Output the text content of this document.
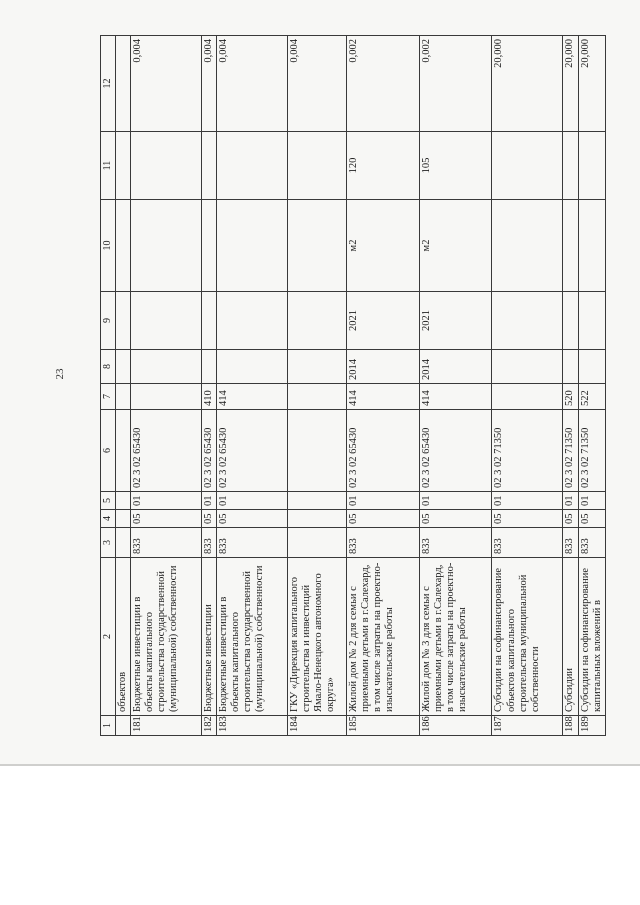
23
1	2	3	4	5	6	7	8	9	10	11	12
	объектов										
181	Бюджетные инвестиции в объекты капитального строительства государственной (муниципальной) собственности	833	05	01	02 3 02 65430						0,004
182	Бюджетные инвестиции	833	05	01	02 3 02 65430	410					0,004
183	Бюджетные инвестиции в объекты капитального строительства государственной (муниципальной) собственности	833	05	01	02 3 02 65430	414					0,004
184	ГКУ «Дирекция капитального строительства и инвестиций Ямало-Ненецкого автономного округа»										0,004
185	Жилой дом № 2 для семьи с приемными детьми в г.Салехард, в том числе затраты на проектно-изыскательские работы	833	05	01	02 3 02 65430	414	2014	2021	м2	120	0,002
186	Жилой дом № 3 для семьи с приемными детьми в г.Салехард, в том числе затраты на проектно-изыскательские работы	833	05	01	02 3 02 65430	414	2014	2021	м2	105	0,002
187	Субсидии на софинансирование объектов капитального строительства муниципальной собственности	833	05	01	02 3 02 71350						20,000
188	Субсидии	833	05	01	02 3 02 71350	520					20,000
189	Субсидии на софинансирование капитальных вложений в	833	05	01	02 3 02 71350	522					20,000
